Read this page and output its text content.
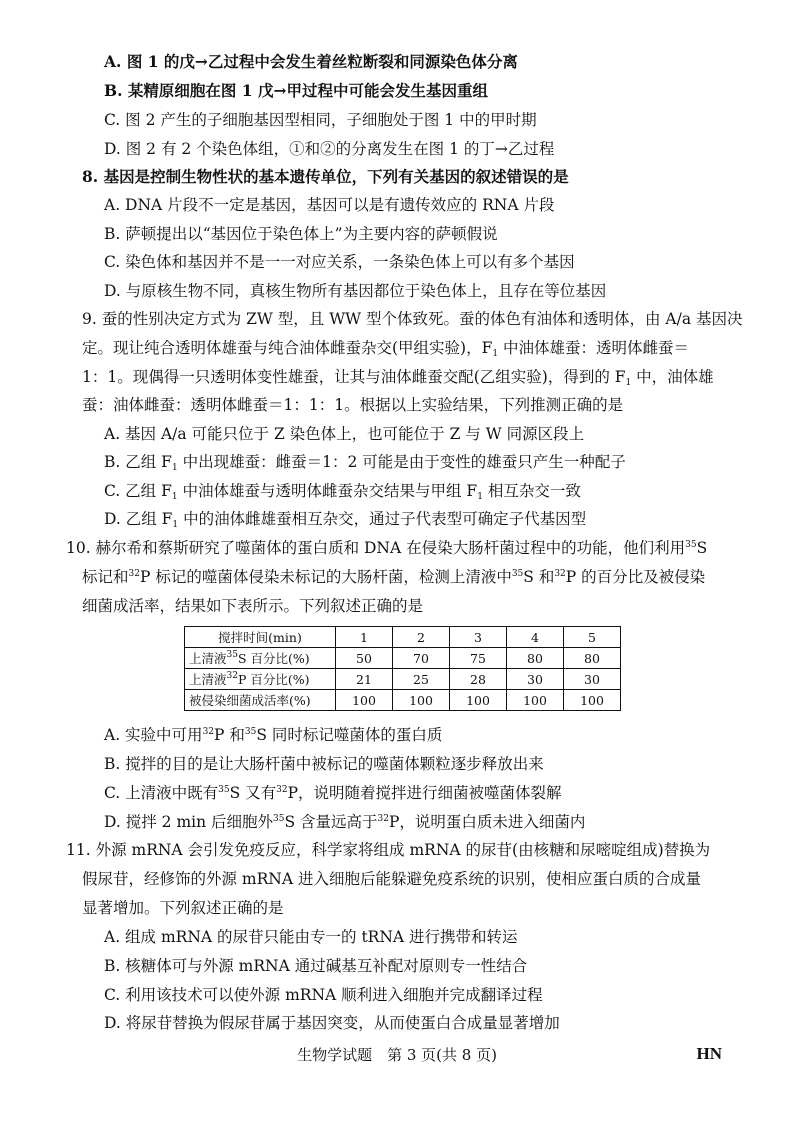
A. 图 1 的戊→乙过程中会发生着丝粒断裂和同源染色体分离
B. 某精原细胞在图 1 戊→甲过程中可能会发生基因重组
C. 图 2 产生的子细胞基因型相同，子细胞处于图 1 中的甲时期
D. 图 2 有 2 个染色体组，①和②的分离发生在图 1 的丁→乙过程
8. 基因是控制生物性状的基本遗传单位，下列有关基因的叙述错误的是
A. DNA 片段不一定是基因，基因可以是有遗传效应的 RNA 片段
B. 萨顿提出以“基因位于染色体上”为主要内容的萨顿假说
C. 染色体和基因并不是一一对应关系，一条染色体上可以有多个基因
D. 与原核生物不同，真核生物所有基因都位于染色体上，且存在等位基因
9. 蚕的性别决定方式为 ZW 型，且 WW 型个体致死。蚕的体色有油体和透明体，由 A/a 基因决
定。现让纯合透明体雄蚕与纯合油体雌蚕杂交(甲组实验)，$F_1$ 中油体雄蚕：透明体雌蚕＝
1：1。现偶得一只透明体变性雄蚕，让其与油体雌蚕交配(乙组实验)，得到的 $F_1$ 中，油体雄
蚕：油体雌蚕：透明体雌蚕＝1：1：1。根据以上实验结果，下列推测正确的是
A. 基因 A/a 可能只位于 Z 染色体上，也可能位于 Z 与 W 同源区段上
B. 乙组 $F_1$ 中出现雄蚕：雌蚕＝1：2 可能是由于变性的雄蚕只产生一种配子
C. 乙组 $F_1$ 中油体雄蚕与透明体雌蚕杂交结果与甲组 $F_1$ 相互杂交一致
D. 乙组 $F_1$ 中的油体雌雄蚕相互杂交，通过子代表型可确定子代基因型
10. 赫尔希和蔡斯研究了噬菌体的蛋白质和 DNA 在侵染大肠杆菌过程中的功能，他们利用$^{35}$S
标记和$^{32}$P 标记的噬菌体侵染未标记的大肠杆菌，检测上清液中$^{35}$S 和$^{32}$P 的百分比及被侵染
细菌成活率，结果如下表所示。下列叙述正确的是
搅拌时间(min)	1	2	3	4	5
上清液$^{35}$S 百分比(%)	50	70	75	80	80
上清液$^{32}$P 百分比(%)	21	25	28	30	30
被侵染细菌成活率(%)	100	100	100	100	100
A. 实验中可用$^{32}$P 和$^{35}$S 同时标记噬菌体的蛋白质
B. 搅拌的目的是让大肠杆菌中被标记的噬菌体颗粒逐步释放出来
C. 上清液中既有$^{35}$S 又有$^{32}$P，说明随着搅拌进行细菌被噬菌体裂解
D. 搅拌 2 min 后细胞外$^{35}$S 含量远高于$^{32}$P，说明蛋白质未进入细菌内
11. 外源 mRNA 会引发免疫反应，科学家将组成 mRNA 的尿苷(由核糖和尿嘧啶组成)替换为
假尿苷，经修饰的外源 mRNA 进入细胞后能躲避免疫系统的识别，使相应蛋白质的合成量
显著增加。下列叙述正确的是
A. 组成 mRNA 的尿苷只能由专一的 tRNA 进行携带和转运
B. 核糖体可与外源 mRNA 通过碱基互补配对原则专一性结合
C. 利用该技术可以使外源 mRNA 顺利进入细胞并完成翻译过程
D. 将尿苷替换为假尿苷属于基因突变，从而使蛋白合成量显著增加
生物学试题　第 3 页(共 8 页)	HN
